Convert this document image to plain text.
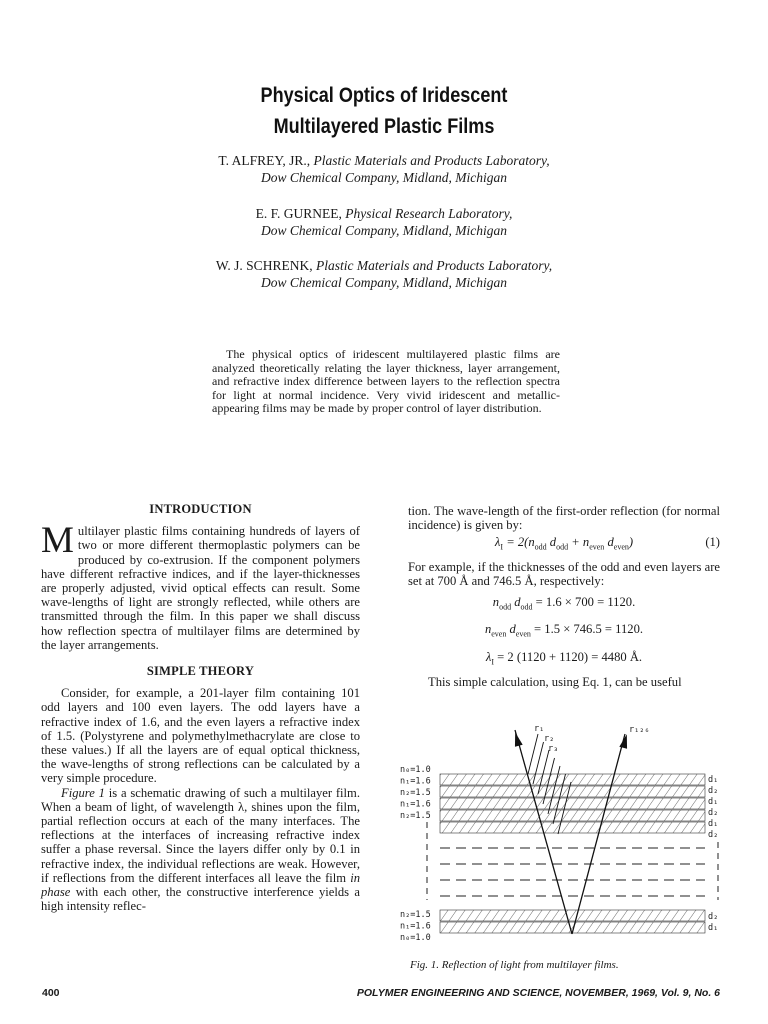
Physical Optics of Iridescent
Multilayered Plastic Films
T. ALFREY, JR., Plastic Materials and Products Laboratory,
Dow Chemical Company, Midland, Michigan
E. F. GURNEE, Physical Research Laboratory,
Dow Chemical Company, Midland, Michigan
W. J. SCHRENK, Plastic Materials and Products Laboratory,
Dow Chemical Company, Midland, Michigan

The physical optics of iridescent multilayered plastic films are analyzed theoretically relating the layer thickness, layer arrangement, and refractive index difference between layers to the reflection spectra for light at normal incidence. Very vivid iridescent and metallic-appearing films may be made by proper control of layer distribution.

INTRODUCTION

Multilayer plastic films containing hundreds of layers of two or more different thermoplastic polymers can be produced by co-extrusion. If the component polymers have different refractive indices, and if the layer-thicknesses are properly adjusted, vivid optical effects can result. Some wave-lengths of light are strongly reflected, while others are transmitted through the film. In this paper we shall discuss how reflection spectra of multilayer films are determined by the layer arrangements.

SIMPLE THEORY

Consider, for example, a 201-layer film containing 101 odd layers and 100 even layers. The odd layers have a refractive index of 1.6, and the even layers a refractive index of 1.5. (Polystyrene and polymethylmethacrylate are close to these values.) If all the layers are of equal optical thickness, the wave-lengths of strong reflections can be calculated by a very simple procedure.

Figure 1 is a schematic drawing of such a multilayer film. When a beam of light, of wavelength λ, shines upon the film, partial reflection occurs at each of the many interfaces. The reflections at the interfaces of increasing refractive index suffer a phase reversal. Since the layers differ only by 0.1 in refractive index, the individual reflections are weak. However, if reflections from the different interfaces all leave the film in phase with each other, the constructive interference yields a high intensity reflec-

tion. The wave-length of the first-order reflection (for normal incidence) is given by:

$\lambda_I = 2(n_{odd}$ $d_{odd} + n_{even}$ $d_{even}$)	(1)

For example, if the thicknesses of the odd and even layers are set at 700 Å and 746.5 Å, respectively:

$n_{odd}$ $d_{odd} = 1.6 \times 700 = 1120$.
$n_{even}$ $d_{even} = 1.5 \times 746.5 = 1120$.
$\lambda_I = 2$ (1120 + 1120) = 4480 Å.

This simple calculation, using Eq. 1, can be useful

n₀=1.0
n₁=1.6
n₂=1.5
n₁=1.6
n₂=1.5
n₂=1.5
n₁=1.6
n₀=1.0
d₁
d₂
d₁
d₂
d₁
d₂
d₂
d₁
r₁
r₂
r₃
r₁₂₆
Fig. 1. Reflection of light from multilayer films.
400	POLYMER ENGINEERING AND SCIENCE, NOVEMBER, 1969, Vol. 9, No. 6
